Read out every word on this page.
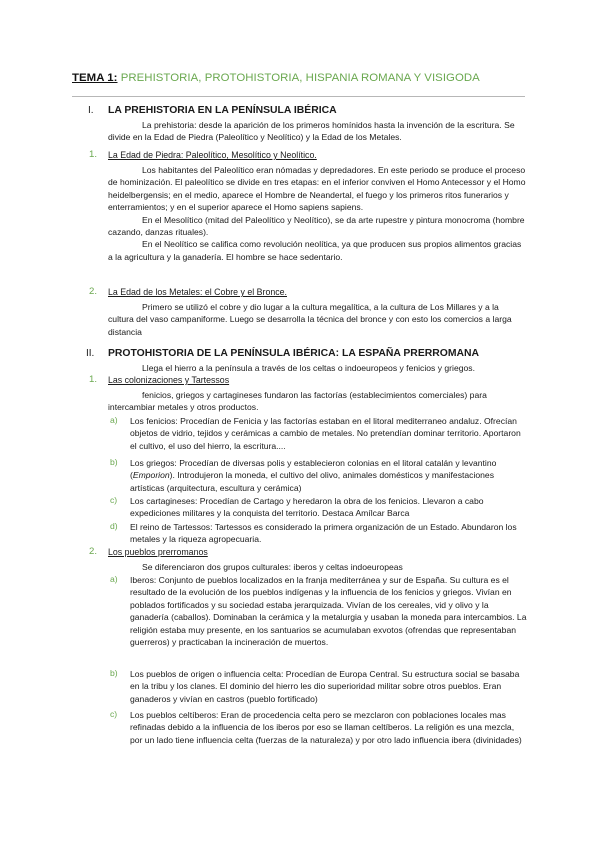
TEMA 1: PREHISTORIA, PROTOHISTORIA, HISPANIA ROMANA Y VISIGODA
I. LA PREHISTORIA EN LA PENÍNSULA IBÉRICA

La prehistoria: desde la aparición de los primeros homínidos hasta la invención de la escritura. Se divide en la Edad de Piedra (Paleolítico y Neolítico) y la Edad de los Metales.

1. La Edad de Piedra: Paleolítico, Mesolítico y Neolítico.

Los habitantes del Paleolítico eran nómadas y depredadores. En este periodo se produce el proceso de hominización. El paleolítico se divide en tres etapas: en el inferior conviven el Homo Antecessor y el Homo heidelbergensis; en el medio, aparece el Hombre de Neandertal, el fuego y los primeros ritos funerarios y enterramientos; y en el superior aparece el Homo sapiens sapiens.

En el Mesolítico (mitad del Paleolítico y Neolítico), se da arte rupestre y pintura monocroma (hombre cazando, danzas rituales).

En el Neolítico se califica como revolución neolítica, ya que producen sus propios alimentos gracias a la agricultura y la ganadería. El hombre se hace sedentario.

2. La Edad de los Metales: el Cobre y el Bronce.

Primero se utilizó el cobre y dio lugar a la cultura megalítica, a la cultura de Los Millares y a la cultura del vaso campaniforme. Luego se desarrolla la técnica del bronce y con esto los comercios a larga distancia

II. PROTOHISTORIA DE LA PENÍNSULA IBÉRICA: LA ESPAÑA PRERROMANA

Llega el hierro a la península a través de los celtas o indoeuropeos y fenicios y griegos.

1. Las colonizaciones y Tartessos

fenicios, griegos y cartagineses fundaron las factorías (establecimientos comerciales) para intercambiar metales y otros productos.

a) Los fenicios: Procedían de Fenicia y las factorías estaban en el litoral mediterraneo andaluz. Ofrecían objetos de vidrio, tejidos y cerámicas a cambio de metales. No pretendían dominar territorio. Aportaron el cultivo, el uso del hierro, la escritura....

b) Los griegos: Procedían de diversas polis y establecieron colonias en el litoral catalán y levantino (Emporion). Introdujeron la moneda, el cultivo del olivo, animales domésticos y manifestaciones artísticas (arquitectura, escultura y cerámica)

c) Los cartagineses: Procedían de Cartago y heredaron la obra de los fenicios. Llevaron a cabo expediciones militares y la conquista del territorio. Destaca Amílcar Barca

d) El reino de Tartessos: Tartessos es considerado la primera organización de un Estado. Abundaron los metales y la riqueza agropecuaria.

2. Los pueblos prerromanos

Se diferenciaron dos grupos culturales: iberos y celtas indoeuropeas

a) Iberos: Conjunto de pueblos localizados en la franja mediterránea y sur de España. Su cultura es el resultado de la evolución de los pueblos indígenas y la influencia de los fenicios y griegos. Vivían en poblados fortificados y su sociedad estaba jerarquizada. Vivían de los cereales, vid y olivo y la ganadería (caballos). Dominaban la cerámica y la metalurgia y usaban la moneda para intercambios. La religión estaba muy presente, en los santuarios se acumulaban exvotos (ofrendas que representaban guerreros) y practicaban la incineración de muertos.

b) Los pueblos de origen o influencia celta: Procedían de Europa Central. Su estructura social se basaba en la tribu y los clanes. El dominio del hierro les dio superioridad militar sobre otros pueblos. Eran ganaderos y vivían en castros (pueblo fortificado)

c) Los pueblos celtíberos: Eran de procedencia celta pero se mezclaron con poblaciones locales mas refinadas debido a la influencia de los iberos por eso se llaman celtíberos. La religión es una mezcla, por un lado tiene influencia celta (fuerzas de la naturaleza) y por otro lado influencia ibera (divinidades)
